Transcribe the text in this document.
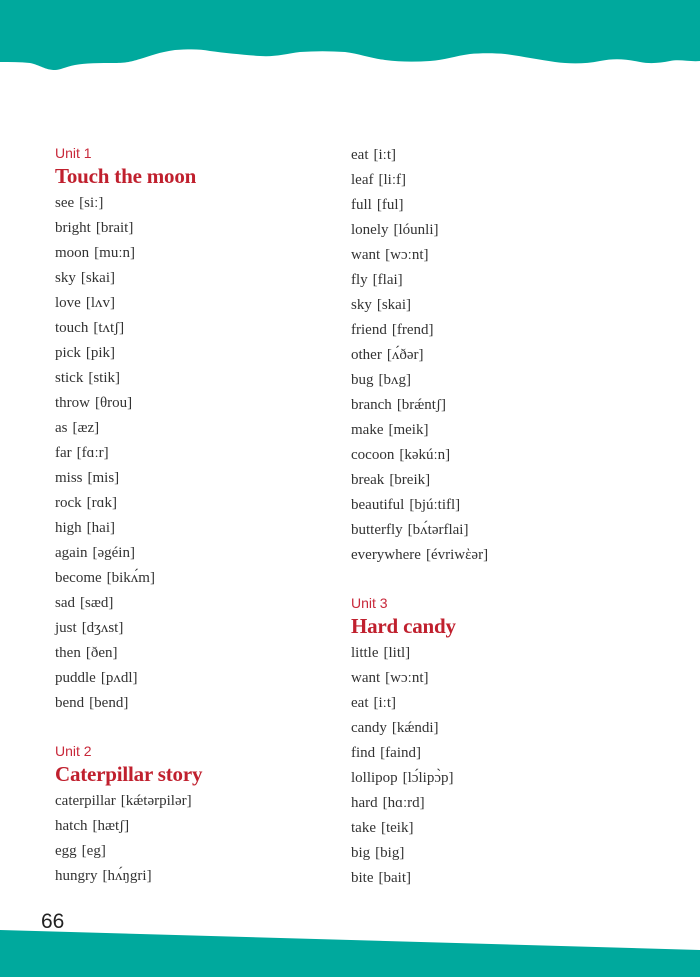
Unit 1
Touch the moon
see [siː]
bright [brait]
moon [muːn]
sky [skai]
love [lʌv]
touch [tʌtʃ]
pick [pik]
stick [stik]
throw [θrou]
as [æz]
far [fɑːr]
miss [mis]
rock [rɑk]
high [hai]
again [əgéin]
become [bikʌ́m]
sad [sæd]
just [dʒʌst]
then [ðen]
puddle [pʌdl]
bend [bend]
Unit 2
Caterpillar story
caterpillar [kǽtərpilər]
hatch [hætʃ]
egg [eg]
hungry [hʌ́ŋgri]
eat [iːt]
leaf [liːf]
full [ful]
lonely [lóunli]
want [wɔːnt]
fly [flai]
sky [skai]
friend [frend]
other [ʌ́ðər]
bug [bʌg]
branch [brǽntʃ]
make [meik]
cocoon [kəkúːn]
break [breik]
beautiful [bjúːtifl]
butterfly [bʌ́tərflai]
everywhere [évriwὲər]
Unit 3
Hard candy
little [litl]
want [wɔːnt]
eat [iːt]
candy [kǽndi]
find [faind]
lollipop [lɔ́lipɔ̀p]
hard [hɑːrd]
take [teik]
big [big]
bite [bait]
66
